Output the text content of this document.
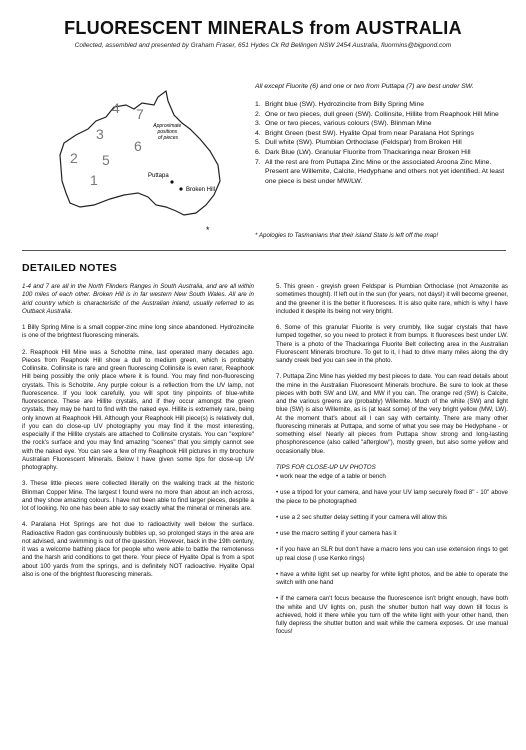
FLUORESCENT MINERALS from AUSTRALIA
Collected, assembled and presented by Graham Fraser, 651 Hydes Ck Rd Bellingen NSW 2454 Australia, fluormins@bigpond.com
1
2
3
4
5
6
7
Approximate positions of pieces
Puttapa
Broken Hill
*
All except Fluorite (6) and one or two from Puttapa (7) are best under SW.
1. Bright blue (SW). Hydrozincite from Billy Spring Mine
2. One or two pieces, dull green (SW). Collinsite, Hillite from Reaphook Hill Mine
3. One or two pieces, various colours (SW). Blinman Mine
4. Bright Green (best SW). Hyalite Opal from near Paralana Hot Springs
5. Dull white (SW). Plumbian Orthoclase (Feldspar) from Broken Hill
6. Dark Blue (LW). Granular Fluorite from Thackaringa near Broken Hill
7. All the rest are from Puttapa Zinc Mine or the associated Aroona Zinc Mine. Present are Willemite, Calcite, Hedyphane and others not yet identified. At least one piece is best under MW/LW.
* Apologies to Tasmanians that their island State is left off the map!
DETAILED NOTES

1-4 and 7 are all in the North Flinders Ranges in South Australia, and are all within 100 miles of each other. Broken Hill is in far western New South Wales. All are in arid country which is characteristic of the Australian inland, usually referred to as Outback Australia.

1 Billy Spring Mine is a small copper-zinc mine long since abandoned. Hydrozincite is one of the brightest fluorescing minerals.

2. Reaphook Hill Mine was a Scholzite mine, last operated many decades ago. Pieces from Reaphook Hill show a dull to medium green, which is probably Collinsite. Collinsite is rare and green fluorescing Collinsite is even rarer, Reaphook Hill being possibly the only place where it is found. You may find non-fluorescing crystals. This is Scholzite. Any purple colour is a reflection from the UV lamp, not fluorescence. If you look carefully, you will spot tiny pinpoints of blue-white fluorescence. These are Hillite crystals, and if they occur amongst the green crystals, they may be hard to find with the naked eye. Hillite is extremely rare, being only known at Reaphook Hill. Although your Reaphook Hill piece(s) is relatively dull, if you can do close-up UV photography you may find it the most interesting, especially if the Hillite crystals are attached to Collinsite crystals. You can "explore" the rock's surface and you may find amazing "scenes" that you simply cannot see with the naked eye. You can see a few of my Reaphook Hill pictures in my brochure Australian Fluorescent Minerals. Below I have given some tips for close-up UV photography.

3. These little pieces were collected literally on the walking track at the historic Blinman Copper Mine. The largest I found were no more than about an inch across, and they show amazing colours. I have not been able to find larger pieces, despite a lot of looking. No one has been able to say exactly what the mineral or minerals are.

4. Paralana Hot Springs are hot due to radioactivity well below the surface. Radioactive Radon gas continuously bubbles up, so prolonged stays in the area are not advised, and swimming is out of the question. However, back in the 19th century, it was a welcome bathing place for people who were able to battle the remoteness and the harsh arid conditions to get there. Your piece of Hyalite Opal is from a spot about 100 yards from the springs, and is definitely NOT radioactive. Hyalite Opal also is one of the brightest fluorescing minerals.

5. This green - greyish green Feldspar is Plumbian Orthoclase (not Amazonite as sometimes thought). If left out in the sun (for years, not days!) it will become greener, and the greener it is the better it fluoresces. It is also quite rare, which is why I have included it despite its being not very bright.

6. Some of this granular Fluorite is very crumbly, like sugar crystals that have lumped together, so you need to protect it from bumps. It fluoresces best under LW. There is a photo of the Thackaringa Fluorite Belt collecting area in the Australian Fluorescent Minerals brochure. To get to it, I had to drive many miles along the dry sandy creek bed you can see in the photo.

7. Puttapa Zinc Mine has yielded my best pieces to date. You can read details about the mine in the Australian Fluorescent Minerals brochure. Be sure to look at these pieces with both SW and LW, and MW if you can. The orange red (SW) is Calcite, and the various greens are (probably) Willemite. Much of the white (SW) and light blue (SW) is also Willemite, as is (at least some) of the very bright yellow (MW, LW). At the moment that's about all I can say with certainty. There are many other fluorescing minerals at Puttapa, and some of what you see may be Hedyphane - or something else! Nearly all pieces from Puttapa show strong and long-lasting phosphorescence (also called "afterglow"), mostly green, but also some yellow and occasionally blue.

TIPS FOR CLOSE-UP UV PHOTOS

• work near the edge of a table or bench

• use a tripod for your camera, and have your UV lamp securely fixed 8" - 10" above the piece to be photographed

• use a 2 sec shutter delay setting if your camera will allow this

• use the macro setting if your camera has it

• if you have an SLR but don't have a macro lens you can use extension rings to get up real close (I use Kenko rings)

• have a white light set up nearby for white light photos, and be able to operate the switch with one hand

• if the camera can't focus because the fluorescence isn't bright enough, have both the white and UV lights on, push the shutter button half way down till focus is achieved, hold it there while you turn off the white light with your other hand, then fully depress the shutter button and wait while the camera exposes. Or use manual focus!
